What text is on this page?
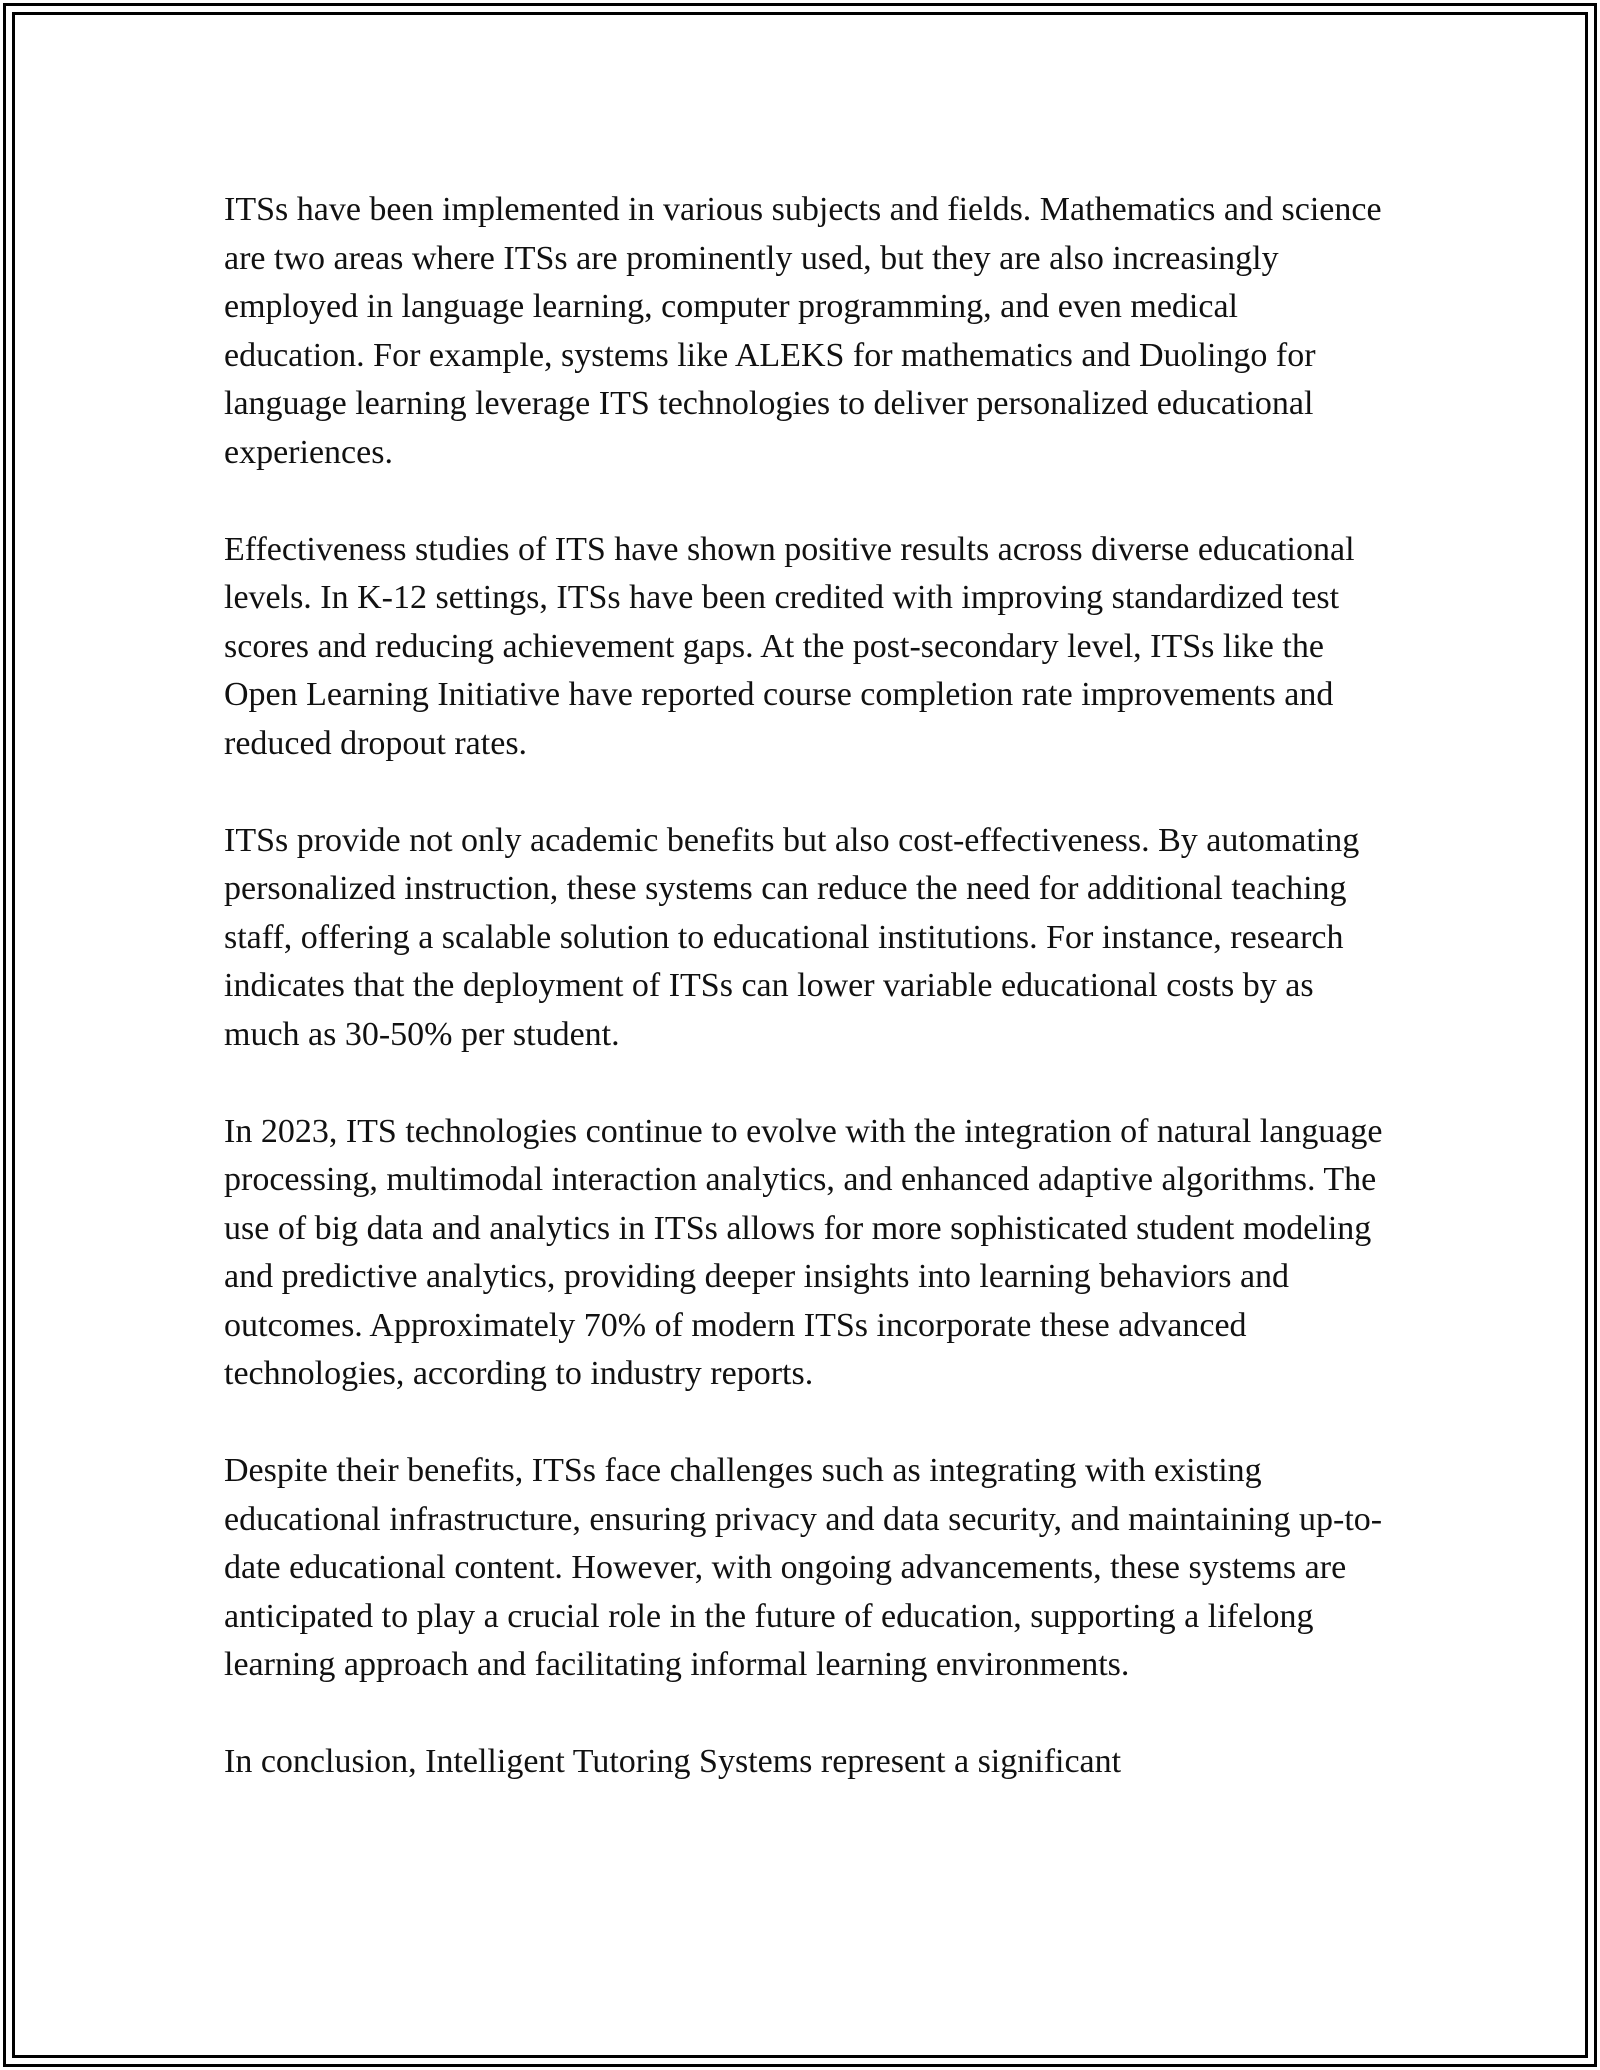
ITSs have been implemented in various subjects and fields. Mathematics and science are two areas where ITSs are prominently used, but they are also increasingly employed in language learning, computer programming, and even medical education. For example, systems like ALEKS for mathematics and Duolingo for language learning leverage ITS technologies to deliver personalized educational experiences.

Effectiveness studies of ITS have shown positive results across diverse educational levels. In K-12 settings, ITSs have been credited with improving standardized test scores and reducing achievement gaps. At the post-secondary level, ITSs like the Open Learning Initiative have reported course completion rate improvements and reduced dropout rates.

ITSs provide not only academic benefits but also cost-effectiveness. By automating personalized instruction, these systems can reduce the need for additional teaching staff, offering a scalable solution to educational institutions. For instance, research indicates that the deployment of ITSs can lower variable educational costs by as much as 30-50% per student.

In 2023, ITS technologies continue to evolve with the integration of natural language processing, multimodal interaction analytics, and enhanced adaptive algorithms. The use of big data and analytics in ITSs allows for more sophisticated student modeling and predictive analytics, providing deeper insights into learning behaviors and outcomes. Approximately 70% of modern ITSs incorporate these advanced technologies, according to industry reports.

Despite their benefits, ITSs face challenges such as integrating with existing educational infrastructure, ensuring privacy and data security, and maintaining up-to-date educational content. However, with ongoing advancements, these systems are anticipated to play a crucial role in the future of education, supporting a lifelong learning approach and facilitating informal learning environments.

In conclusion, Intelligent Tutoring Systems represent a significant
